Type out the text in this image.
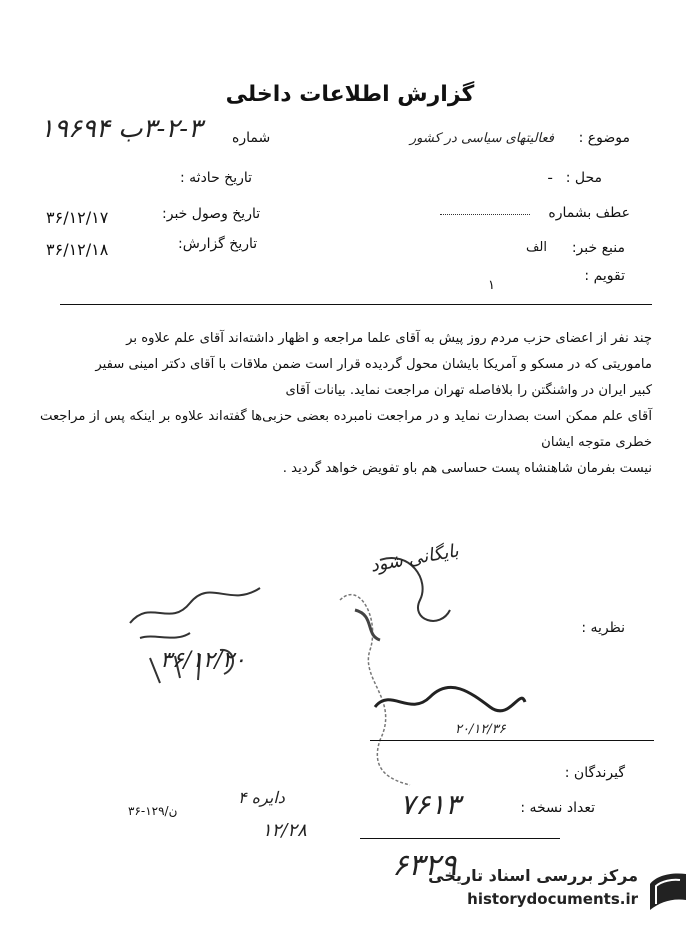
گزارش اطلاعات داخلی
موضوع :
فعالیتهای سیاسی در کشور
محل :
ـ
عطف بشماره
منبع خبر:
الف
تقویم :
۱
شماره
۳-۲-۳ب ۱۹۶۹۴
تاریخ حادثه :
تاریخ وصول خبر:
۳۶/۱۲/۱۷
تاریخ گزارش:
۳۶/۱۲/۱۸
چند نفر از اعضای حزب مردم روز پیش به آقای علما مراجعه و اظهار داشته‌اند آقای علم علاوه بر
ماموریتی که در مسکو و آمریکا بایشان محول گردیده قرار است ضمن ملاقات با آقای دکتر امینی سفیر
کبیر ایران در واشنگتن را بلافاصله تهران مراجعت نماید. بیانات آقای
آقای علم ممکن است بصدارت نماید و در مراجعت نامبرده بعضی حزبی‌ها گفته‌اند علاوه بر اینکه پس از مراجعت خطری متوجه ایشان
نیست بفرمان شاهنشاه پست حساسی هم باو تفویض خواهد گردید .
بایگانی شود
نظریه :
۲۰/۱۲/۳۶
گیرندگان :
تعداد نسخه :
۷۶۱۳
۳۶-۱۲۹/ن
دایره ۴
۱۲/۲۸
۳۶/۱۲/۲۰
۶۳۲۹
مرکز بررسی اسناد تاریخی
historydocuments.ir
